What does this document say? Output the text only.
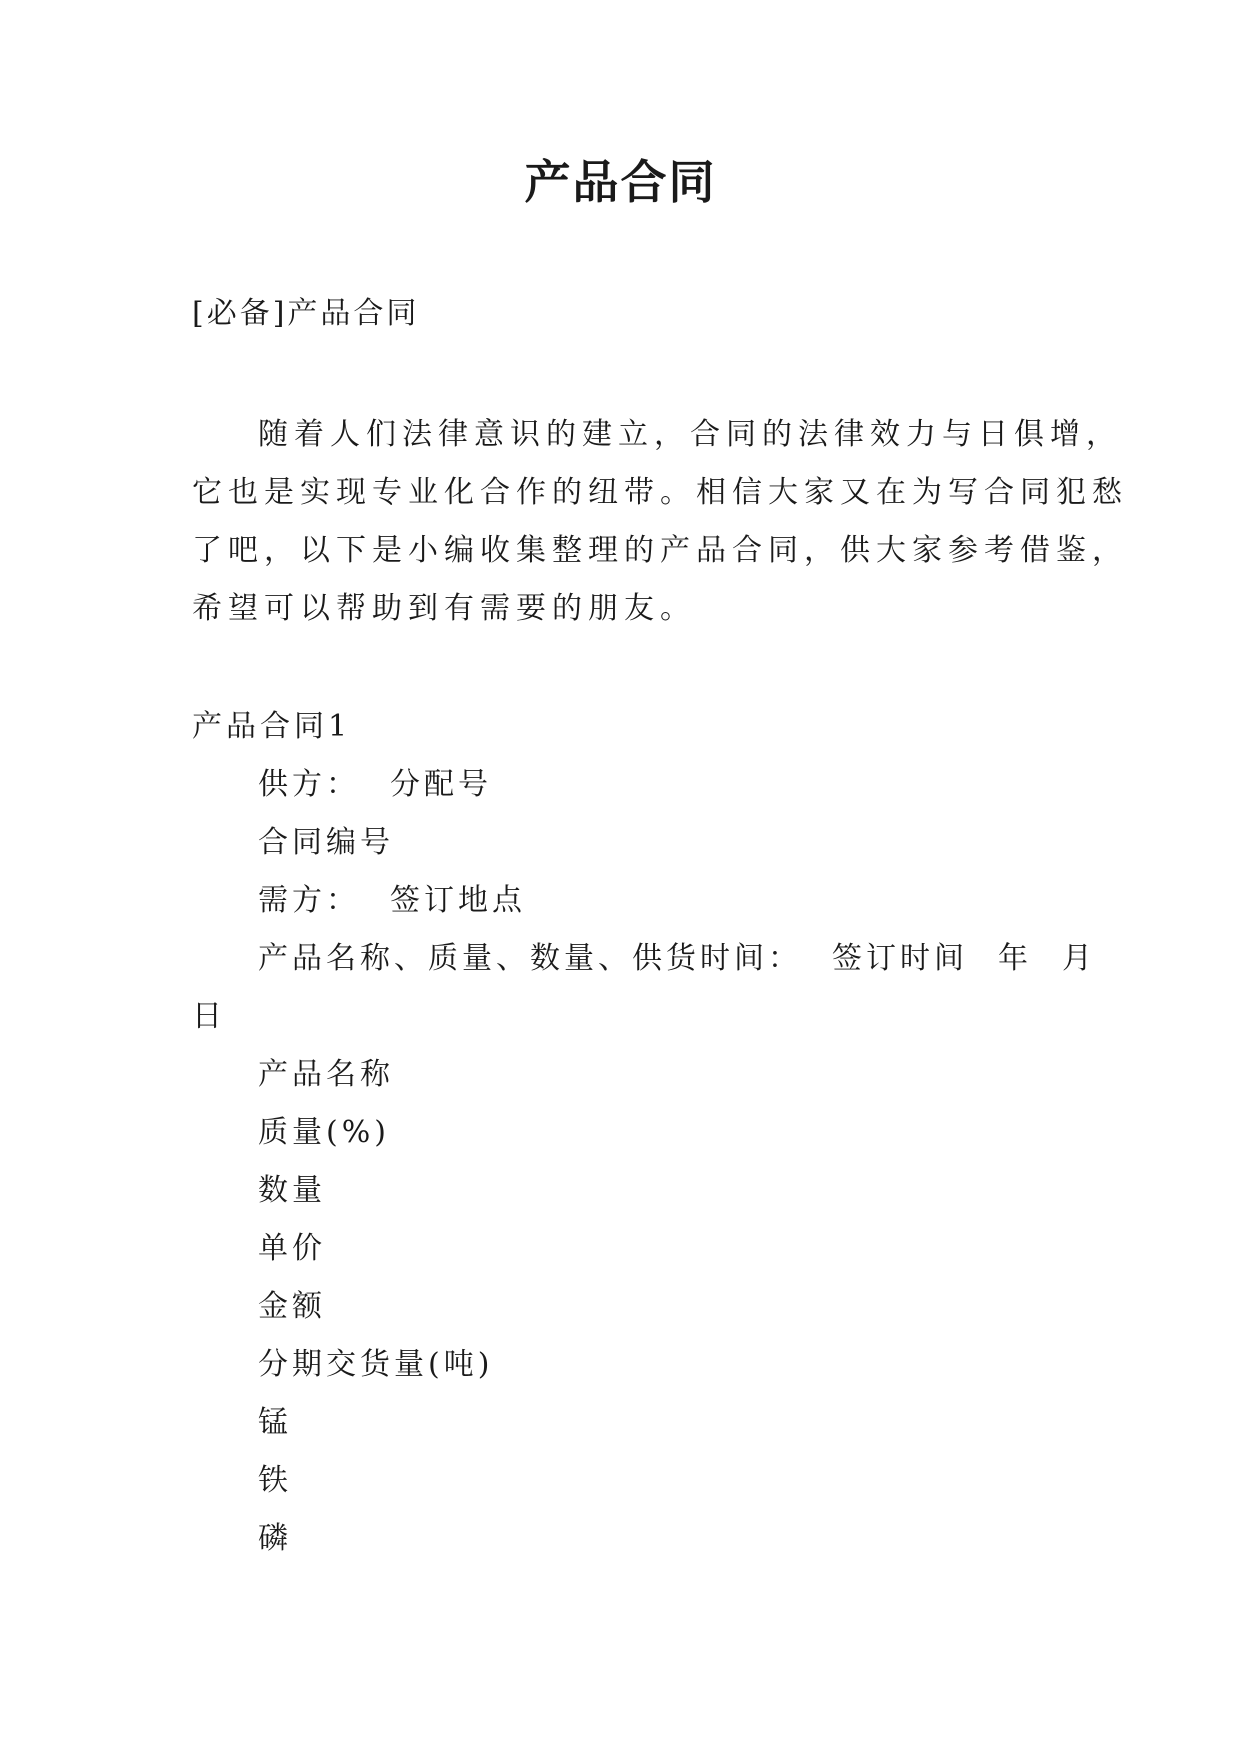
产品合同
[必备]产品合同
随着人们法律意识的建立，合同的法律效力与日俱增，
它也是实现专业化合作的纽带。相信大家又在为写合同犯愁
了吧，以下是小编收集整理的产品合同，供大家参考借鉴，
希望可以帮助到有需要的朋友。
产品合同1
供方： 分配号
合同编号
需方： 签订地点
产品名称、质量、数量、供货时间： 签订时间 年 月
日
产品名称
质量(%)
数量
单价
金额
分期交货量(吨)
锰
铁
磷
